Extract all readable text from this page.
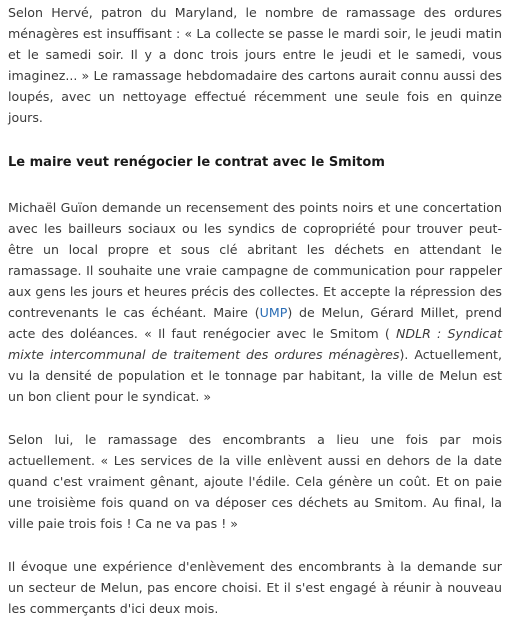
Selon Hervé, patron du Maryland, le nombre de ramassage des ordures ménagères est insuffisant : « La collecte se passe le mardi soir, le jeudi matin et le samedi soir. Il y a donc trois jours entre le jeudi et le samedi, vous imaginez... » Le ramassage hebdomadaire des cartons aurait connu aussi des loupés, avec un nettoyage effectué récemment une seule fois en quinze jours.

Le maire veut renégocier le contrat avec le Smitom

Michaël Guïon demande un recensement des points noirs et une concertation avec les bailleurs sociaux ou les syndics de copropriété pour trouver peut-être un local propre et sous clé abritant les déchets en attendant le ramassage. Il souhaite une vraie campagne de communication pour rappeler aux gens les jours et heures précis des collectes. Et accepte la répression des contrevenants le cas échéant. Maire (UMP) de Melun, Gérard Millet, prend acte des doléances. « Il faut renégocier avec le Smitom ( NDLR : Syndicat mixte intercommunal de traitement des ordures ménagères). Actuellement, vu la densité de population et le tonnage par habitant, la ville de Melun est un bon client pour le syndicat. »

Selon lui, le ramassage des encombrants a lieu une fois par mois actuellement. « Les services de la ville enlèvent aussi en dehors de la date quand c'est vraiment gênant, ajoute l'édile. Cela génère un coût. Et on paie une troisième fois quand on va déposer ces déchets au Smitom. Au final, la ville paie trois fois ! Ca ne va pas ! »

Il évoque une expérience d'enlèvement des encombrants à la demande sur un secteur de Melun, pas encore choisi. Et il s'est engagé à réunir à nouveau les commerçants d'ici deux mois.
